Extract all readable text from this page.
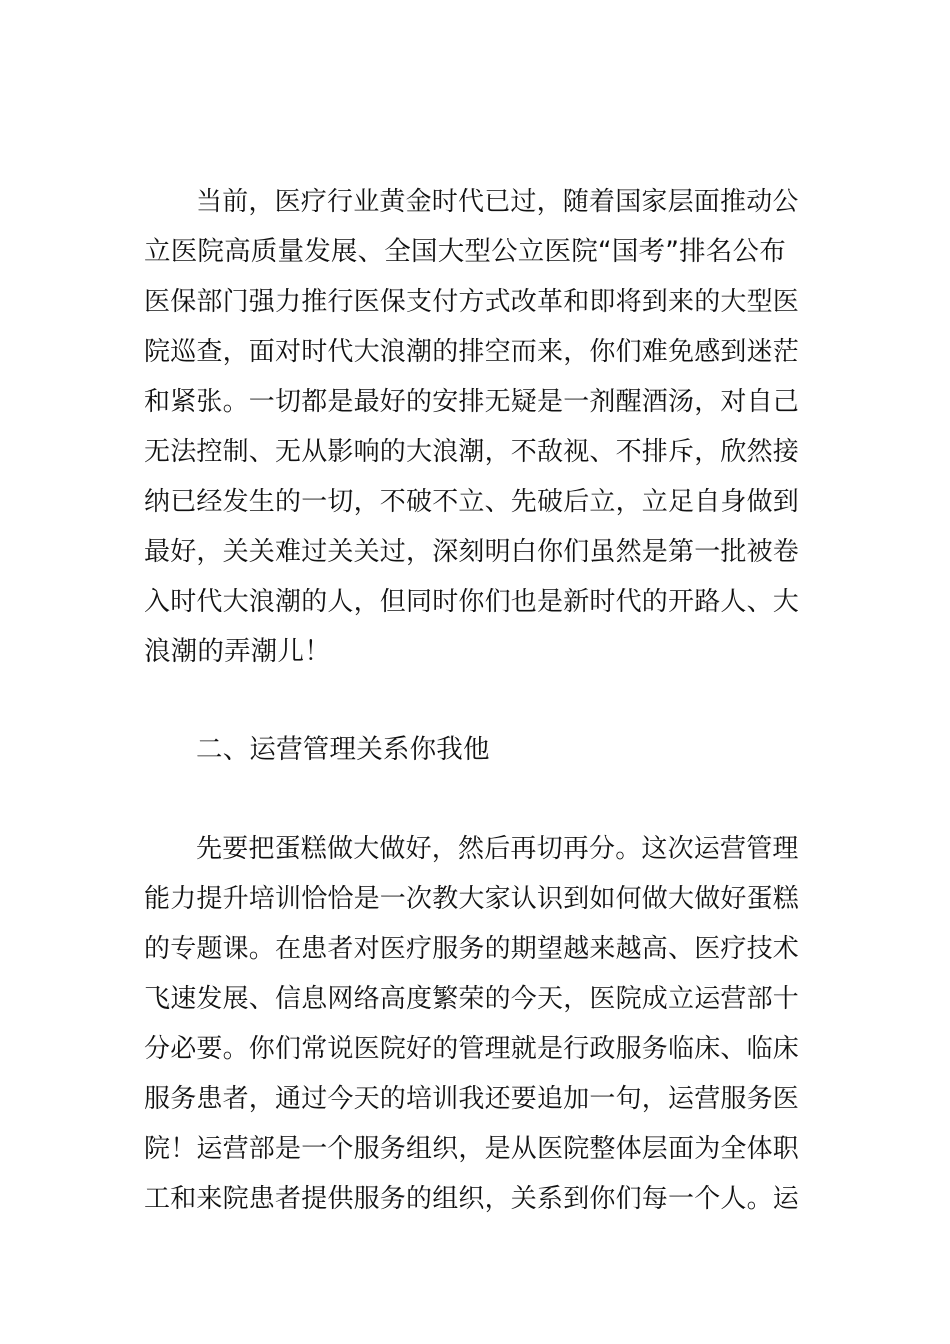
当前，医疗行业黄金时代已过，随着国家层面推动公
立医院高质量发展、全国大型公立医院“国考”排名公布
医保部门强力推行医保支付方式改革和即将到来的大型医
院巡查，面对时代大浪潮的排空而来，你们难免感到迷茫
和紧张。一切都是最好的安排无疑是一剂醒酒汤，对自己
无法控制、无从影响的大浪潮，不敌视、不排斥，欣然接
纳已经发生的一切，不破不立、先破后立，立足自身做到
最好，关关难过关关过，深刻明白你们虽然是第一批被卷
入时代大浪潮的人，但同时你们也是新时代的开路人、大
浪潮的弄潮儿！
二、运营管理关系你我他
先要把蛋糕做大做好，然后再切再分。这次运营管理
能力提升培训恰恰是一次教大家认识到如何做大做好蛋糕
的专题课。在患者对医疗服务的期望越来越高、医疗技术
飞速发展、信息网络高度繁荣的今天，医院成立运营部十
分必要。你们常说医院好的管理就是行政服务临床、临床
服务患者，通过今天的培训我还要追加一句，运营服务医
院！运营部是一个服务组织，是从医院整体层面为全体职
工和来院患者提供服务的组织，关系到你们每一个人。运
